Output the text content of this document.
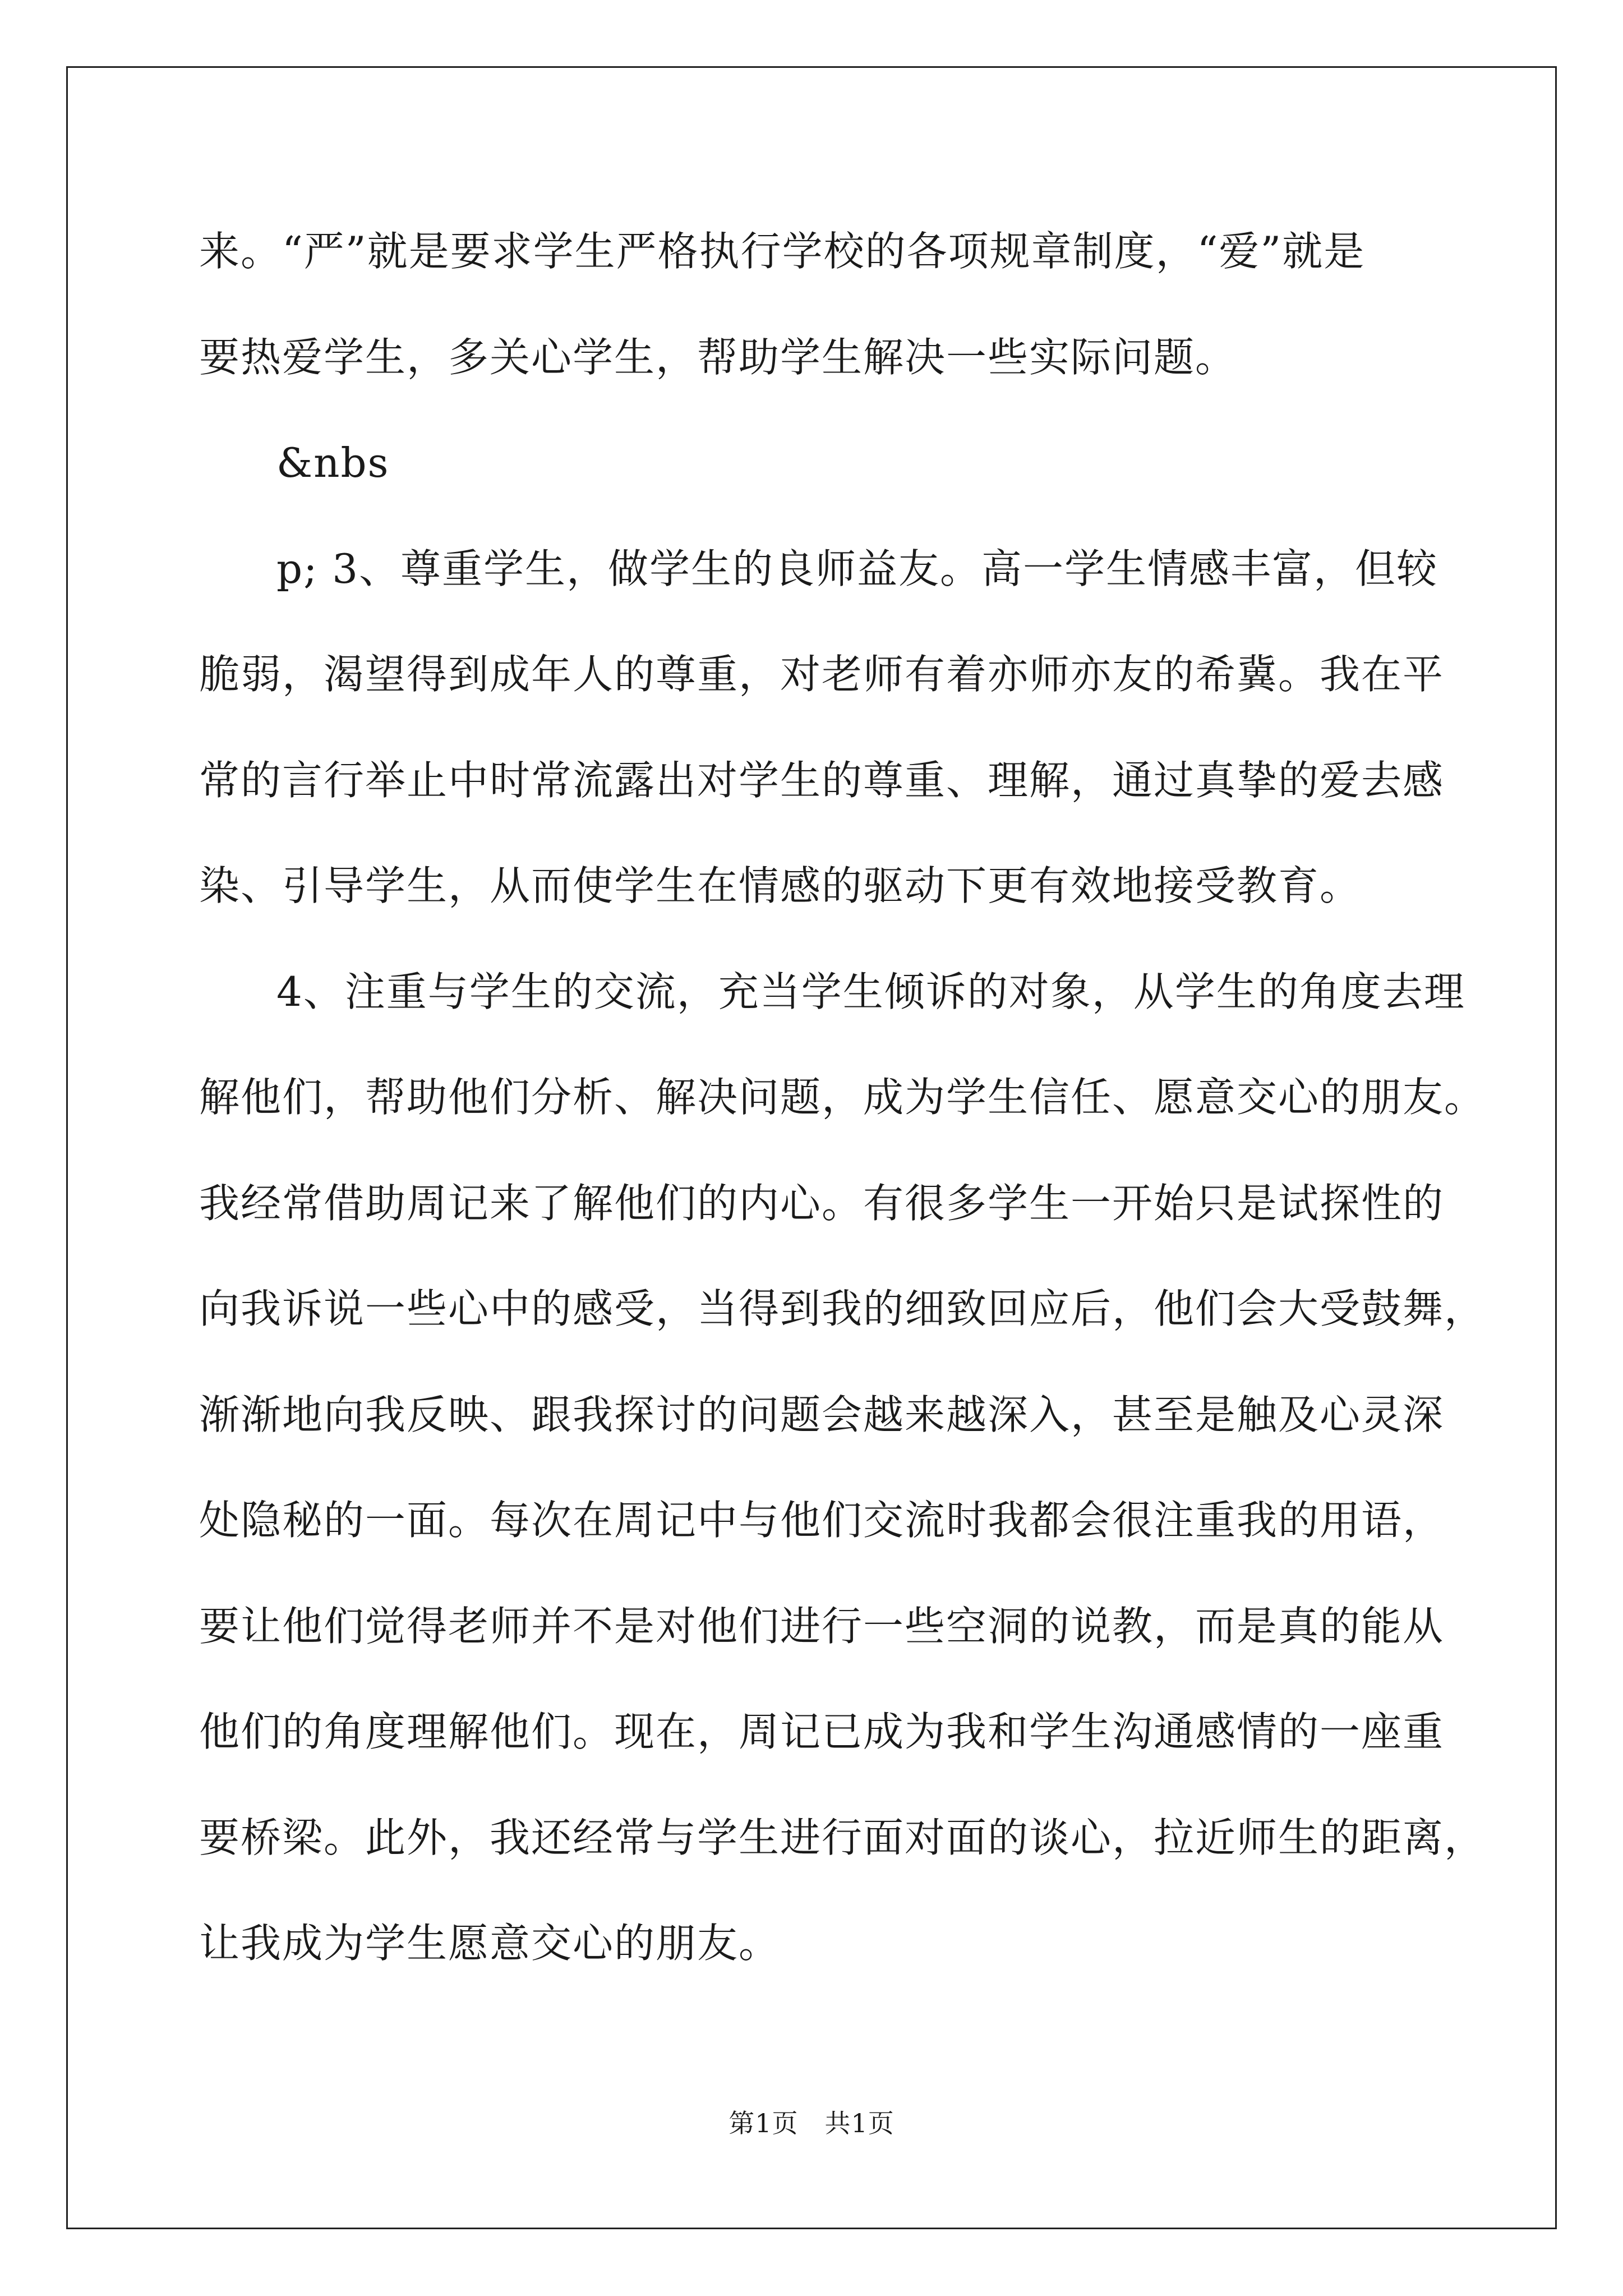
来。“严”就是要求学生严格执行学校的各项规章制度，“爱”就是
要热爱学生，多关心学生，帮助学生解决一些实际问题。
&nbs
p; 3、尊重学生，做学生的良师益友。高一学生情感丰富，但较
脆弱，渴望得到成年人的尊重，对老师有着亦师亦友的希冀。我在平
常的言行举止中时常流露出对学生的尊重、理解，通过真挚的爱去感
染、引导学生，从而使学生在情感的驱动下更有效地接受教育。
4、注重与学生的交流，充当学生倾诉的对象，从学生的角度去理
解他们，帮助他们分析、解决问题，成为学生信任、愿意交心的朋友。
我经常借助周记来了解他们的内心。有很多学生一开始只是试探性的
向我诉说一些心中的感受，当得到我的细致回应后，他们会大受鼓舞，
渐渐地向我反映、跟我探讨的问题会越来越深入，甚至是触及心灵深
处隐秘的一面。每次在周记中与他们交流时我都会很注重我的用语，
要让他们觉得老师并不是对他们进行一些空洞的说教，而是真的能从
他们的角度理解他们。现在，周记已成为我和学生沟通感情的一座重
要桥梁。此外，我还经常与学生进行面对面的谈心，拉近师生的距离，
让我成为学生愿意交心的朋友。
第1页　共1页
